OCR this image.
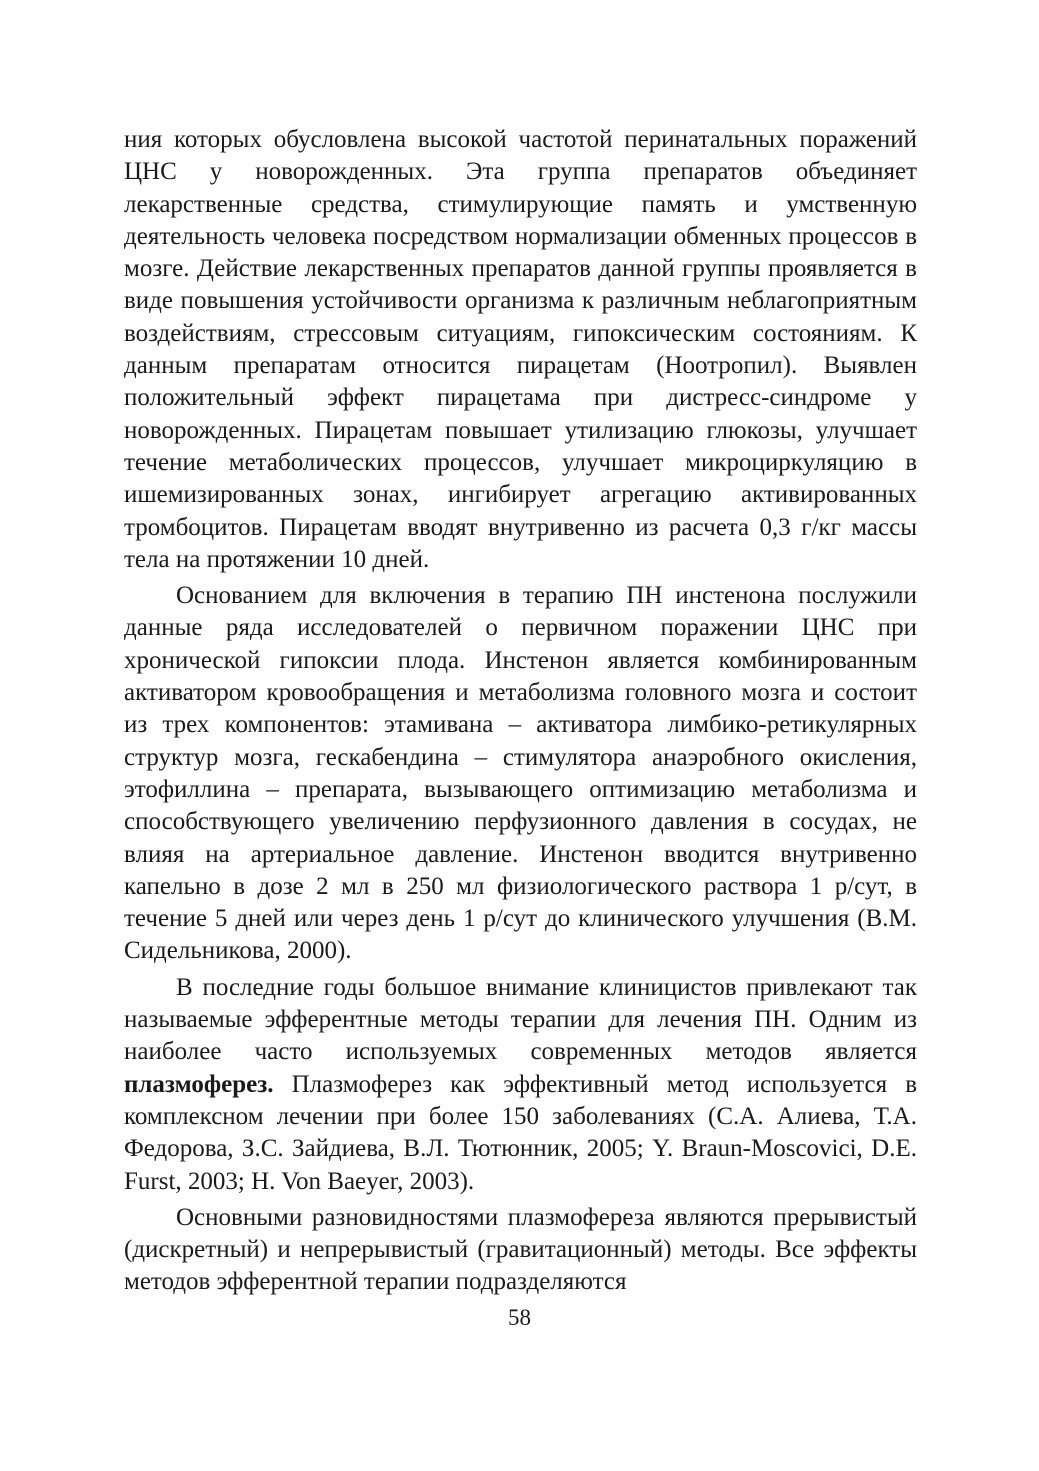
ния которых обусловлена высокой частотой перинатальных поражений ЦНС у новорожденных. Эта группа препаратов объединяет лекарственные средства, стимулирующие память и умственную деятельность человека посредством нормализации обменных процессов в мозге. Действие лекарственных препаратов данной группы проявляется в виде повышения устойчивости организма к различным неблагоприятным воздействиям, стрессовым ситуациям, гипоксическим состояниям. К данным препаратам относится пирацетам (Ноотропил). Выявлен положительный эффект пирацетама при дистресс-синдроме у новорожденных. Пирацетам повышает утилизацию глюкозы, улучшает течение метаболических процессов, улучшает микроциркуляцию в ишемизированных зонах, ингибирует агрегацию активированных тромбоцитов. Пирацетам вводят внутривенно из расчета 0,3 г/кг массы тела на протяжении 10 дней.

Основанием для включения в терапию ПН инстенона послужили данные ряда исследователей о первичном поражении ЦНС при хронической гипоксии плода. Инстенон является комбинированным активатором кровообращения и метаболизма головного мозга и состоит из трех компонентов: этамивана – активатора лимбико-ретикулярных структур мозга, гескабендина – стимулятора анаэробного окисления, этофиллина – препарата, вызывающего оптимизацию метаболизма и способствующего увеличению перфузионного давления в сосудах, не влияя на артериальное давление. Инстенон вводится внутривенно капельно в дозе 2 мл в 250 мл физиологического раствора 1 р/сут, в течение 5 дней или через день 1 р/сут до клинического улучшения (В.М. Сидельникова, 2000).

В последние годы большое внимание клиницистов привлекают так называемые эфферентные методы терапии для лечения ПН. Одним из наиболее часто используемых современных методов является плазмоферез. Плазмоферез как эффективный метод используется в комплексном лечении при более 150 заболеваниях (С.А. Алиева, Т.А. Федорова, З.С. Зайдиева, В.Л. Тютюнник, 2005; Y. Braun-Moscovici, D.E. Furst, 2003; H. Von Baeyer, 2003).

Основными разновидностями плазмофереза являются прерывистый (дискретный) и непрерывистый (гравитационный) методы. Все эффекты методов эфферентной терапии подразделяются

58
